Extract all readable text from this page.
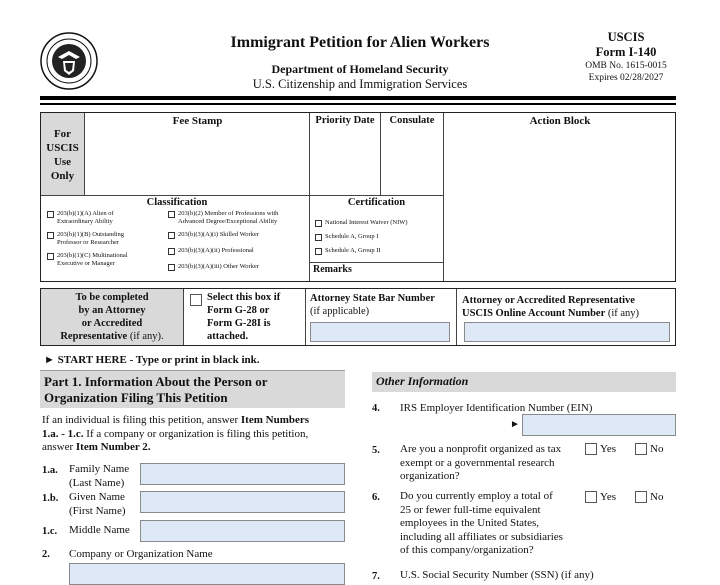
Immigrant Petition for Alien Workers
Department of Homeland Security
U.S. Citizenship and Immigration Services
USCIS
Form I-140
OMB No. 1615-0015
Expires 02/28/2027
For
USCIS
Use
Only
Fee Stamp	Priority Date	Consulate	Action Block
Classification
203(b)(1)(A) Alien of
Extraordinary Ability
203(b)(1)(B) Outstanding
Professor or Researcher
203(b)(1)(C) Multinational
Executive or Manager
203(b)(2) Member of Professions with
Advanced Degree/Exceptional Ability
203(b)(3)(A)(i) Skilled Worker
203(b)(3)(A)(ii) Professional
203(b)(3)(A)(iii) Other Worker
Certification
National Interest Waiver (NIW)
Schedule A, Group I
Schedule A, Group II
Remarks
To be completed
by an Attorney
or Accredited
Representative (if any).
Select this box if
Form G-28 or
Form G-28I is
attached.
Attorney State Bar Number
(if applicable)
Attorney or Accredited Representative
USCIS Online Account Number (if any)
► START HERE - Type or print in black ink.
Part 1. Information About the Person or
Organization Filing This Petition
If an individual is filing this petition, answer Item Numbers
1.a. - 1.c. If a company or organization is filing this petition,
answer Item Number 2.
1.a. Family Name
(Last Name)
1.b. Given Name
(First Name)
1.c. Middle Name
2. Company or Organization Name
Other Information
4. IRS Employer Identification Number (EIN)
►
5. Are you a nonprofit organized as tax
exempt or a governmental research
organization?
Yes	No
6. Do you currently employ a total of
25 or fewer full-time equivalent
employees in the United States,
including all affiliates or subsidiaries
of this company/organization?
Yes	No
7. U.S. Social Security Number (SSN) (if any)
